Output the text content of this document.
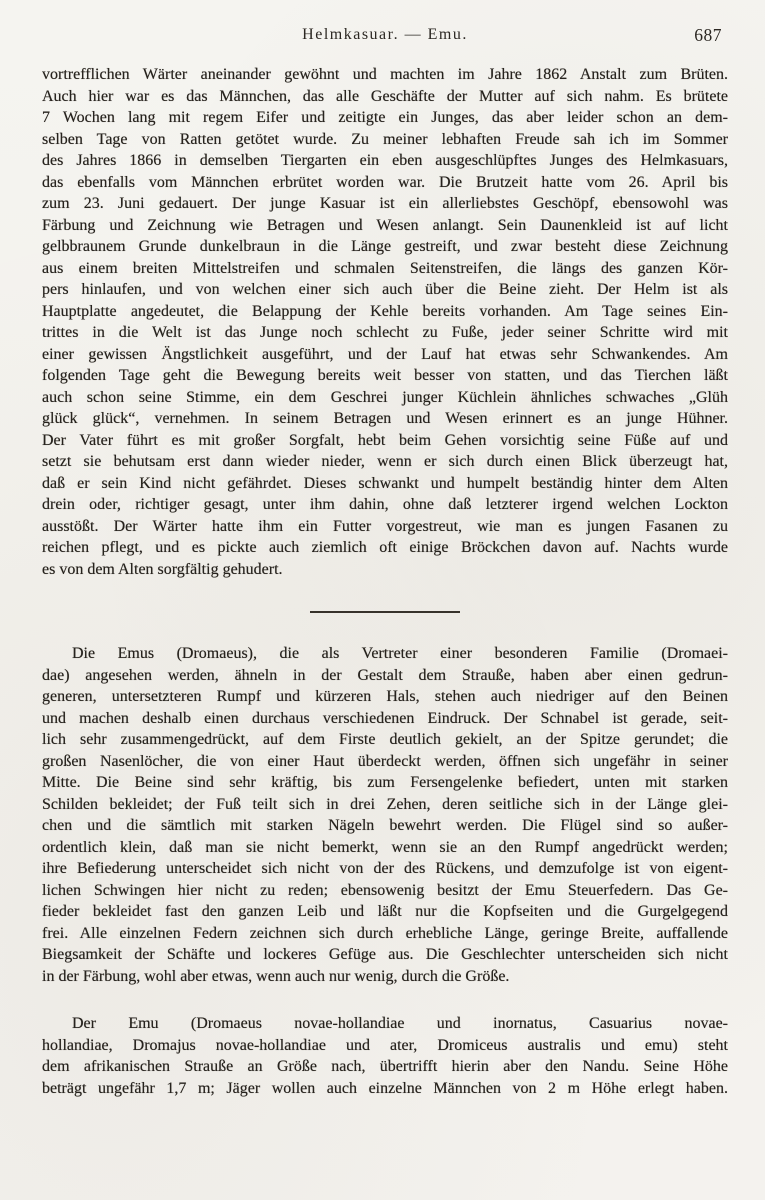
Helmkasuar. — Emu.	687
vortrefflichen Wärter aneinander gewöhnt und machten im Jahre 1862 Anstalt zum Brüten.
Auch hier war es das Männchen, das alle Geschäfte der Mutter auf sich nahm. Es brütete
7 Wochen lang mit regem Eifer und zeitigte ein Junges, das aber leider schon an dem-
selben Tage von Ratten getötet wurde. Zu meiner lebhaften Freude sah ich im Sommer
des Jahres 1866 in demselben Tiergarten ein eben ausgeschlüpftes Junges des Helmkasuars,
das ebenfalls vom Männchen erbrütet worden war. Die Brutzeit hatte vom 26. April bis
zum 23. Juni gedauert. Der junge Kasuar ist ein allerliebstes Geschöpf, ebensowohl was
Färbung und Zeichnung wie Betragen und Wesen anlangt. Sein Daunenkleid ist auf licht
gelbbraunem Grunde dunkelbraun in die Länge gestreift, und zwar besteht diese Zeichnung
aus einem breiten Mittelstreifen und schmalen Seitenstreifen, die längs des ganzen Kör-
pers hinlaufen, und von welchen einer sich auch über die Beine zieht. Der Helm ist als
Hauptplatte angedeutet, die Belappung der Kehle bereits vorhanden. Am Tage seines Ein-
trittes in die Welt ist das Junge noch schlecht zu Fuße, jeder seiner Schritte wird mit
einer gewissen Ängstlichkeit ausgeführt, und der Lauf hat etwas sehr Schwankendes. Am
folgenden Tage geht die Bewegung bereits weit besser von statten, und das Tierchen läßt
auch schon seine Stimme, ein dem Geschrei junger Küchlein ähnliches schwaches „Glüh
glück glück“, vernehmen. In seinem Betragen und Wesen erinnert es an junge Hühner.
Der Vater führt es mit großer Sorgfalt, hebt beim Gehen vorsichtig seine Füße auf und
setzt sie behutsam erst dann wieder nieder, wenn er sich durch einen Blick überzeugt hat,
daß er sein Kind nicht gefährdet. Dieses schwankt und humpelt beständig hinter dem Alten
drein oder, richtiger gesagt, unter ihm dahin, ohne daß letzterer irgend welchen Lockton
ausstößt. Der Wärter hatte ihm ein Futter vorgestreut, wie man es jungen Fasanen zu
reichen pflegt, und es pickte auch ziemlich oft einige Bröckchen davon auf. Nachts wurde
es von dem Alten sorgfältig gehudert.
Die Emus (Dromaeus), die als Vertreter einer besonderen Familie (Dromaei-
dae) angesehen werden, ähneln in der Gestalt dem Strauße, haben aber einen gedrun-
generen, untersetzteren Rumpf und kürzeren Hals, stehen auch niedriger auf den Beinen
und machen deshalb einen durchaus verschiedenen Eindruck. Der Schnabel ist gerade, seit-
lich sehr zusammengedrückt, auf dem Firste deutlich gekielt, an der Spitze gerundet; die
großen Nasenlöcher, die von einer Haut überdeckt werden, öffnen sich ungefähr in seiner
Mitte. Die Beine sind sehr kräftig, bis zum Fersengelenke befiedert, unten mit starken
Schilden bekleidet; der Fuß teilt sich in drei Zehen, deren seitliche sich in der Länge glei-
chen und die sämtlich mit starken Nägeln bewehrt werden. Die Flügel sind so außer-
ordentlich klein, daß man sie nicht bemerkt, wenn sie an den Rumpf angedrückt werden;
ihre Befiederung unterscheidet sich nicht von der des Rückens, und demzufolge ist von eigent-
lichen Schwingen hier nicht zu reden; ebensowenig besitzt der Emu Steuerfedern. Das Ge-
fieder bekleidet fast den ganzen Leib und läßt nur die Kopfseiten und die Gurgelgegend
frei. Alle einzelnen Federn zeichnen sich durch erhebliche Länge, geringe Breite, auffallende
Biegsamkeit der Schäfte und lockeres Gefüge aus. Die Geschlechter unterscheiden sich nicht
in der Färbung, wohl aber etwas, wenn auch nur wenig, durch die Größe.
Der Emu (Dromaeus novae-hollandiae und inornatus, Casuarius novae-
hollandiae, Dromajus novae-hollandiae und ater, Dromiceus australis und emu) steht
dem afrikanischen Strauße an Größe nach, übertrifft hierin aber den Nandu. Seine Höhe
beträgt ungefähr 1,7 m; Jäger wollen auch einzelne Männchen von 2 m Höhe erlegt haben.
